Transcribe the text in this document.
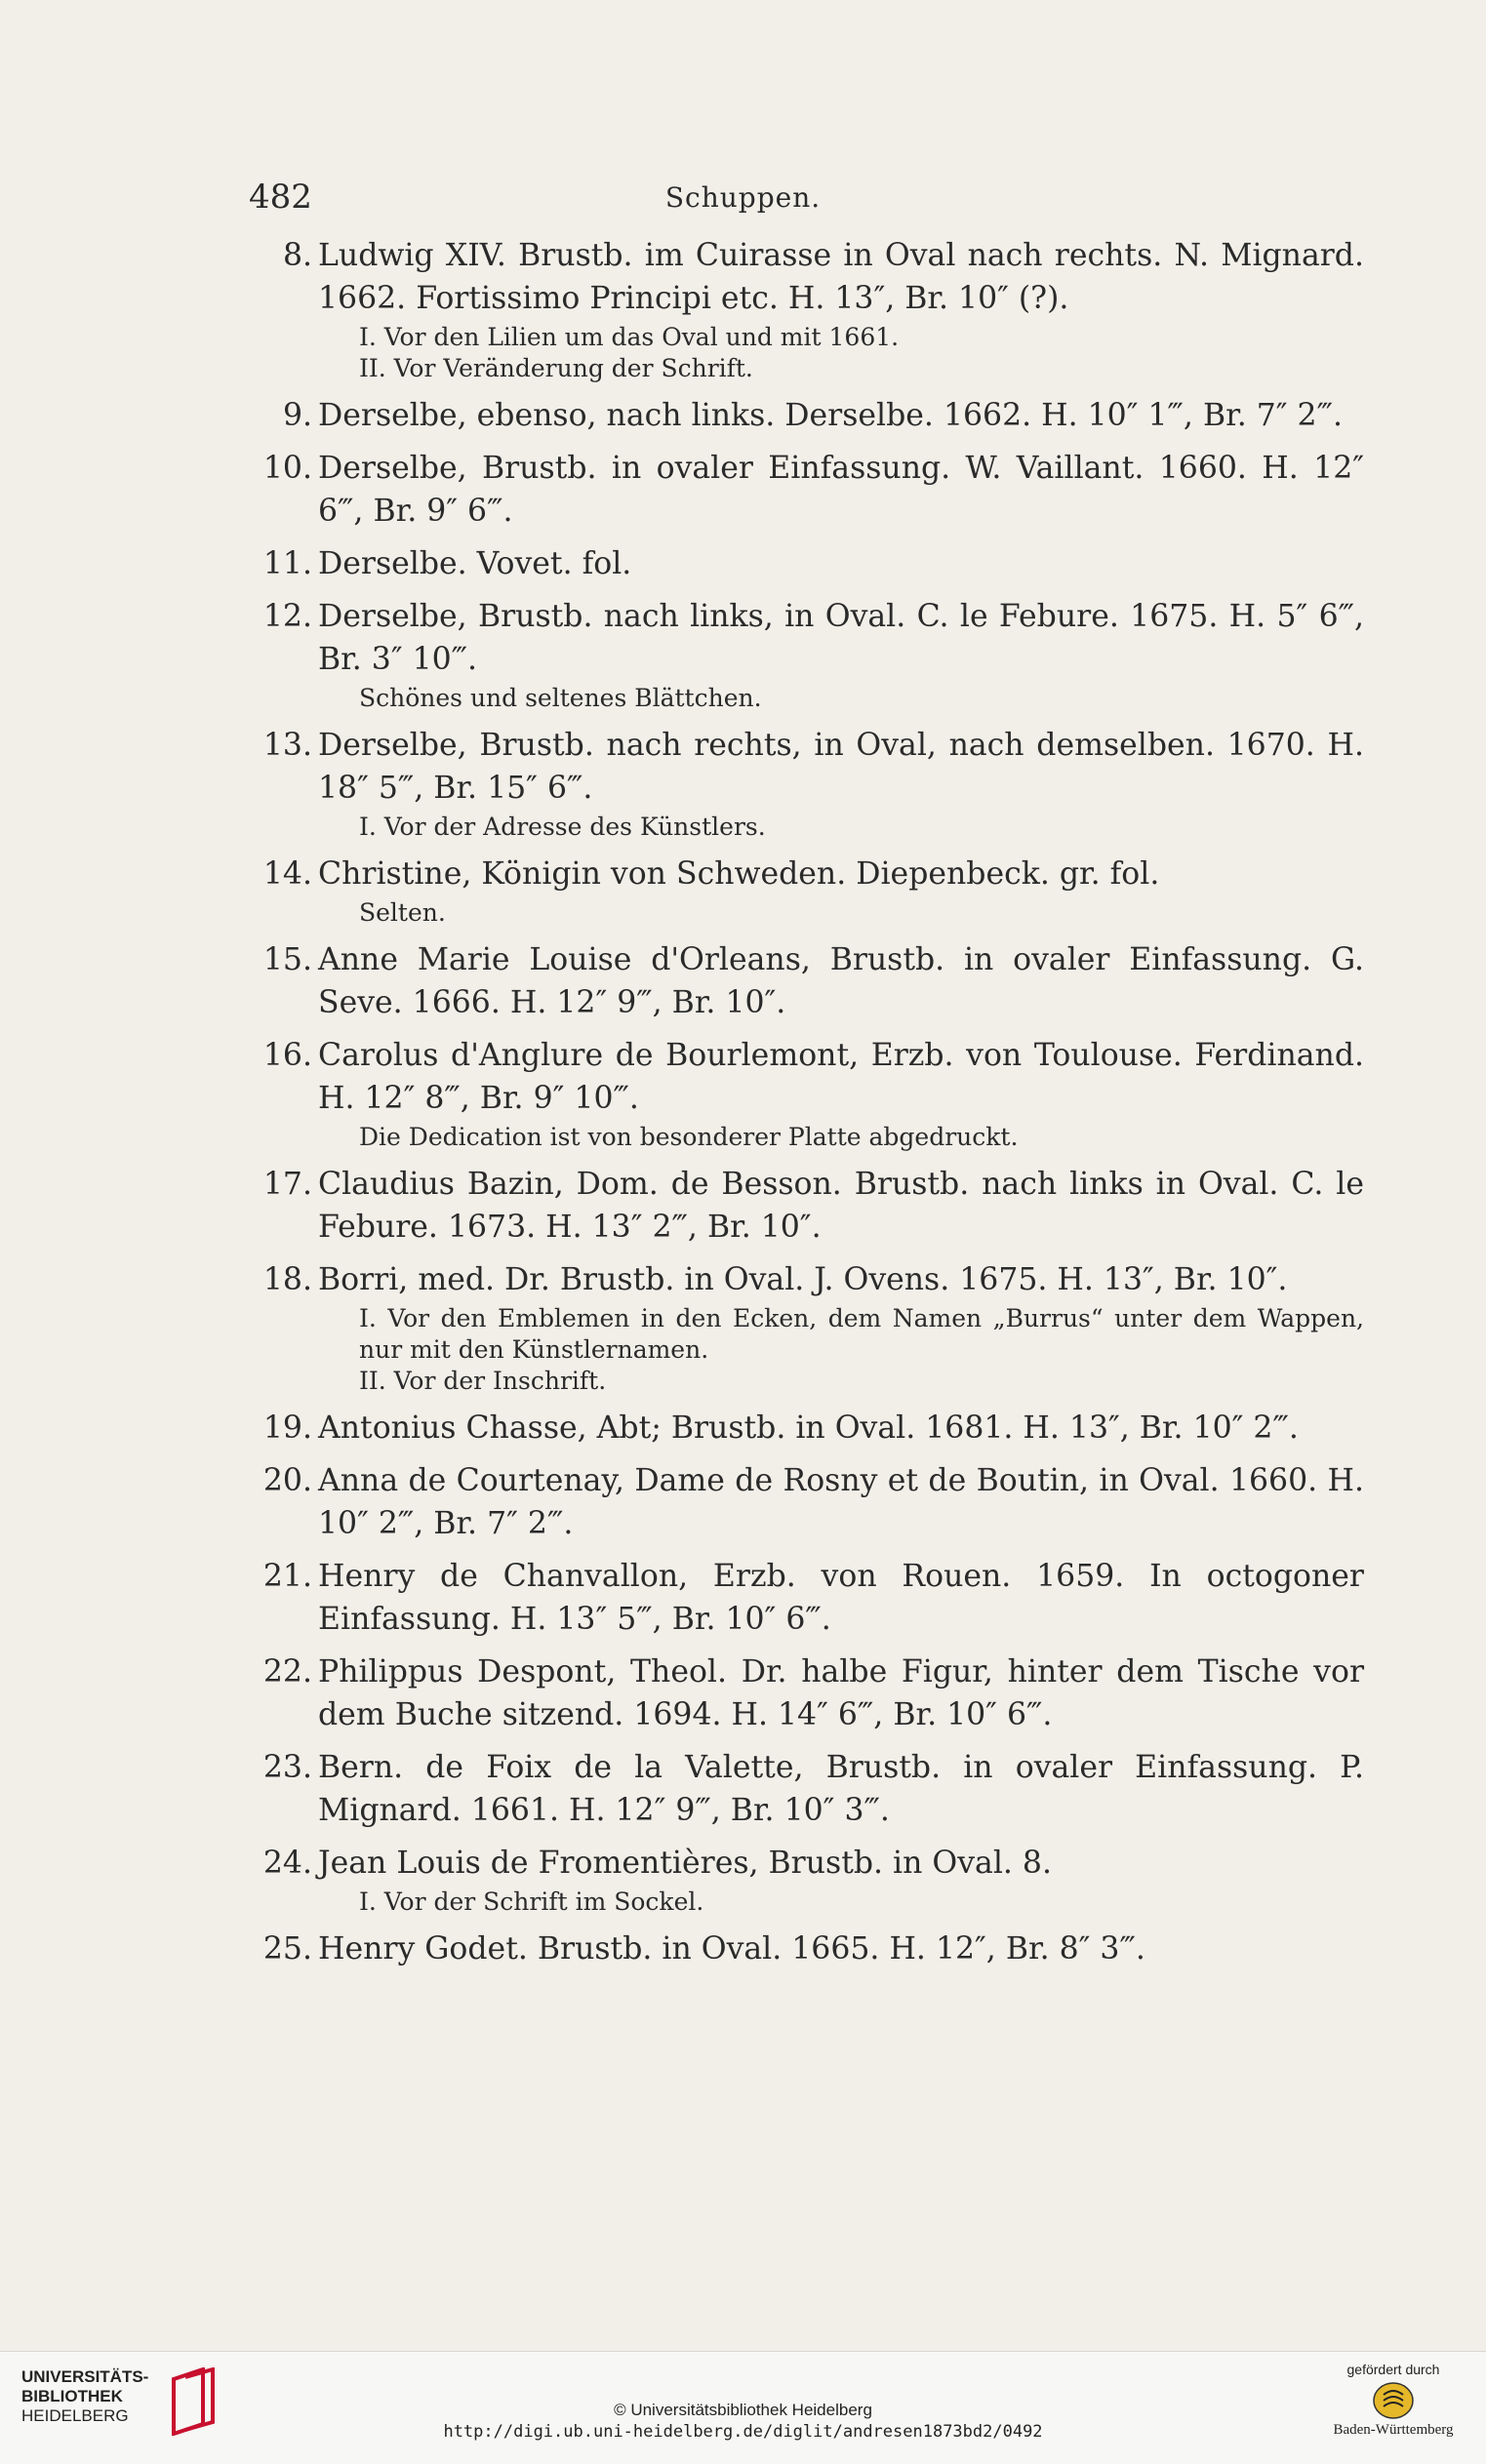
482	Schuppen.
8. Ludwig XIV. Brustb. im Cuirasse in Oval nach rechts. N. Mignard. 1662. Fortissimo Principi etc. H. 13″, Br. 10″ (?).
I. Vor den Lilien um das Oval und mit 1661.
II. Vor Veränderung der Schrift.
9. Derselbe, ebenso, nach links. Derselbe. 1662. H. 10″ 1‴, Br. 7″ 2‴.
10. Derselbe, Brustb. in ovaler Einfassung. W. Vaillant. 1660. H. 12″ 6‴, Br. 9″ 6‴.
11. Derselbe. Vovet. fol.
12. Derselbe, Brustb. nach links, in Oval. C. le Febure. 1675. H. 5″ 6‴, Br. 3″ 10‴.
Schönes und seltenes Blättchen.
13. Derselbe, Brustb. nach rechts, in Oval, nach demselben. 1670. H. 18″ 5‴, Br. 15″ 6‴.
I. Vor der Adresse des Künstlers.
14. Christine, Königin von Schweden. Diepenbeck. gr. fol.
Selten.
15. Anne Marie Louise d'Orleans, Brustb. in ovaler Einfassung. G. Seve. 1666. H. 12″ 9‴, Br. 10″.
16. Carolus d'Anglure de Bourlemont, Erzb. von Toulouse. Ferdinand. H. 12″ 8‴, Br. 9″ 10‴.
Die Dedication ist von besonderer Platte abgedruckt.
17. Claudius Bazin, Dom. de Besson. Brustb. nach links in Oval. C. le Febure. 1673. H. 13″ 2‴, Br. 10″.
18. Borri, med. Dr. Brustb. in Oval. J. Ovens. 1675. H. 13″, Br. 10″.
I. Vor den Emblemen in den Ecken, dem Namen „Burrus“ unter dem Wappen, nur mit den Künstlernamen.
II. Vor der Inschrift.
19. Antonius Chasse, Abt; Brustb. in Oval. 1681. H. 13″, Br. 10″ 2‴.
20. Anna de Courtenay, Dame de Rosny et de Boutin, in Oval. 1660. H. 10″ 2‴, Br. 7″ 2‴.
21. Henry de Chanvallon, Erzb. von Rouen. 1659. In octogoner Einfassung. H. 13″ 5‴, Br. 10″ 6‴.
22. Philippus Despont, Theol. Dr. halbe Figur, hinter dem Tische vor dem Buche sitzend. 1694. H. 14″ 6‴, Br. 10″ 6‴.
23. Bern. de Foix de la Valette, Brustb. in ovaler Einfassung. P. Mignard. 1661. H. 12″ 9‴, Br. 10″ 3‴.
24. Jean Louis de Fromentières, Brustb. in Oval. 8.
I. Vor der Schrift im Sockel.
25. Henry Godet. Brustb. in Oval. 1665. H. 12″, Br. 8″ 3‴.
UNIVERSITÄTS-
BIBLIOTHEK
HEIDELBERG	© Universitätsbibliothek Heidelberg
http://digi.ub.uni-heidelberg.de/diglit/andresen1873bd2/0492
gefördert durch
Baden-Württemberg
